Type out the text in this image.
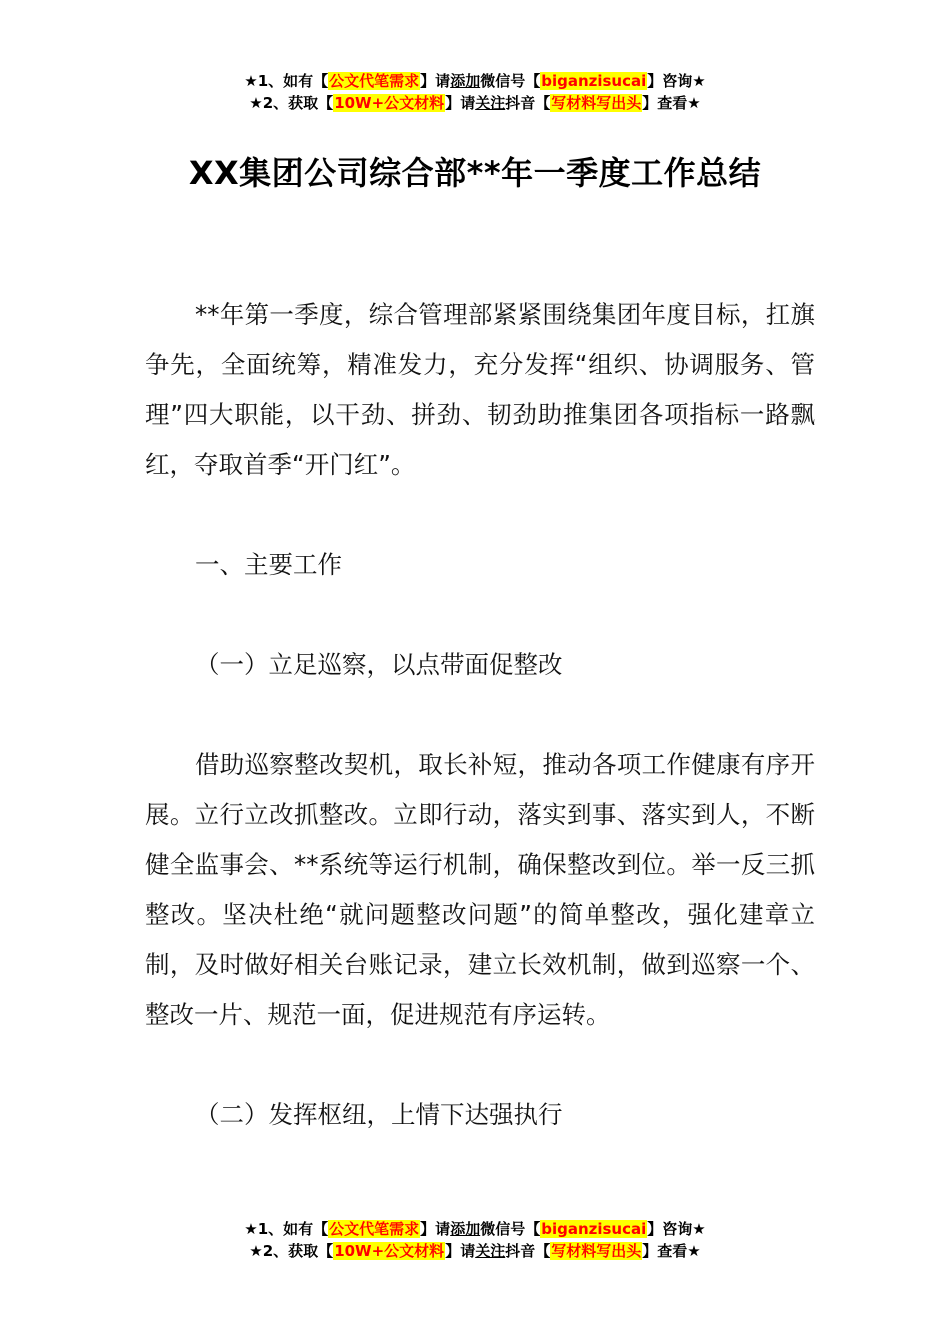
★1、如有【公文代笔需求】请添加微信号【biganzisucai】咨询★
★2、获取【10W+公文材料】请关注抖音【写材料写出头】查看★
XX集团公司综合部**年一季度工作总结

**年第一季度，综合管理部紧紧围绕集团年度目标，扛旗争先，全面统筹，精准发力，充分发挥“组织、协调服务、管理”四大职能，以干劲、拼劲、韧劲助推集团各项指标一路飘红，夺取首季“开门红”。

一、主要工作

（一）立足巡察，以点带面促整改

借助巡察整改契机，取长补短，推动各项工作健康有序开展。立行立改抓整改。立即行动，落实到事、落实到人，不断健全监事会、**系统等运行机制，确保整改到位。举一反三抓整改。坚决杜绝“就问题整改问题”的简单整改，强化建章立制，及时做好相关台账记录，建立长效机制，做到巡察一个、整改一片、规范一面，促进规范有序运转。

（二）发挥枢纽，上情下达强执行

★1、如有【公文代笔需求】请添加微信号【biganzisucai】咨询★
★2、获取【10W+公文材料】请关注抖音【写材料写出头】查看★
